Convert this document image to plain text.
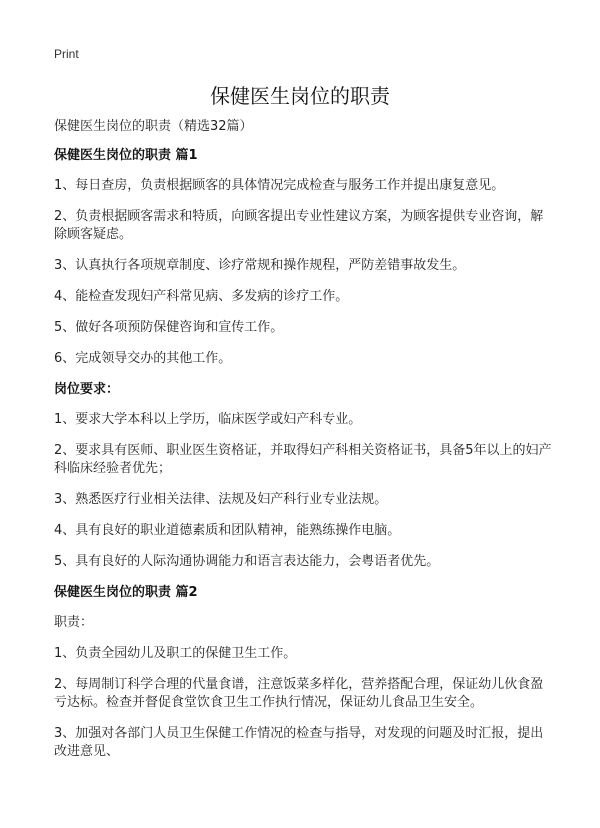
Print
保健医生岗位的职责

保健医生岗位的职责（精选32篇）

保健医生岗位的职责 篇1

1、每日查房，负责根据顾客的具体情况完成检查与服务工作并提出康复意见。

2、负责根据顾客需求和特质，向顾客提出专业性建议方案，为顾客提供专业咨询，解除顾客疑虑。

3、认真执行各项规章制度、诊疗常规和操作规程，严防差错事故发生。

4、能检查发现妇产科常见病、多发病的诊疗工作。

5、做好各项预防保健咨询和宣传工作。

6、完成领导交办的其他工作。

岗位要求：

1、要求大学本科以上学历，临床医学或妇产科专业。

2、要求具有医师、职业医生资格证，并取得妇产科相关资格证书，具备5年以上的妇产科临床经验者优先；

3、熟悉医疗行业相关法律、法规及妇产科行业专业法规。

4、具有良好的职业道德素质和团队精神，能熟练操作电脑。

5、具有良好的人际沟通协调能力和语言表达能力，会粤语者优先。

保健医生岗位的职责 篇2

职责：

1、负责全园幼儿及职工的保健卫生工作。

2、每周制订科学合理的代量食谱，注意饭菜多样化，营养搭配合理，保证幼儿伙食盈亏达标。检查并督促食堂饮食卫生工作执行情况，保证幼儿食品卫生安全。

3、加强对各部门人员卫生保健工作情况的检查与指导，对发现的问题及时汇报，提出改进意见、
